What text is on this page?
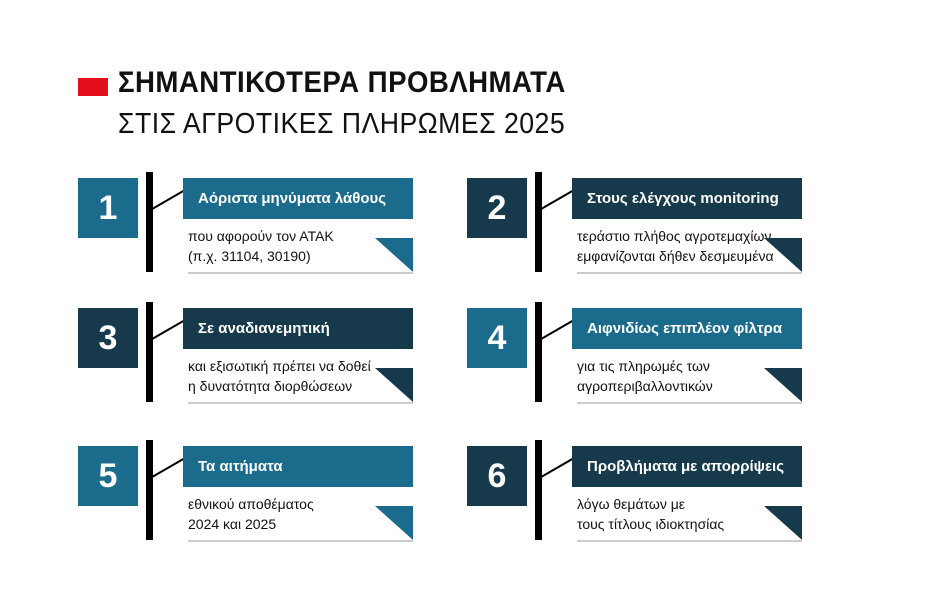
ΣΗΜΑΝΤΙΚΟΤΕΡΑ ΠΡΟΒΛΗΜΑΤΑ
ΣΤΙΣ ΑΓΡΟΤΙΚΕΣ ΠΛΗΡΩΜΕΣ 2025
1	Αόριστα μηνύματα λάθους
που αφορούν τον ΑΤΑΚ
(π.χ. 31104, 30190)
2	Στους ελέγχους monitoring
τεράστιο πλήθος αγροτεμαχίων
εμφανίζονται δήθεν δεσμευμένα
3	Σε αναδιανεμητική
και εξισωτική πρέπει να δοθεί
η δυνατότητα διορθώσεων
4	Αιφνιδίως επιπλέον φίλτρα
για τις πληρωμές των
αγροπεριβαλλοντικών
5	Τα αιτήματα
εθνικού αποθέματος
2024 και 2025
6	Προβλήματα με απορρίψεις
λόγω θεμάτων με
τους τίτλους ιδιοκτησίας
